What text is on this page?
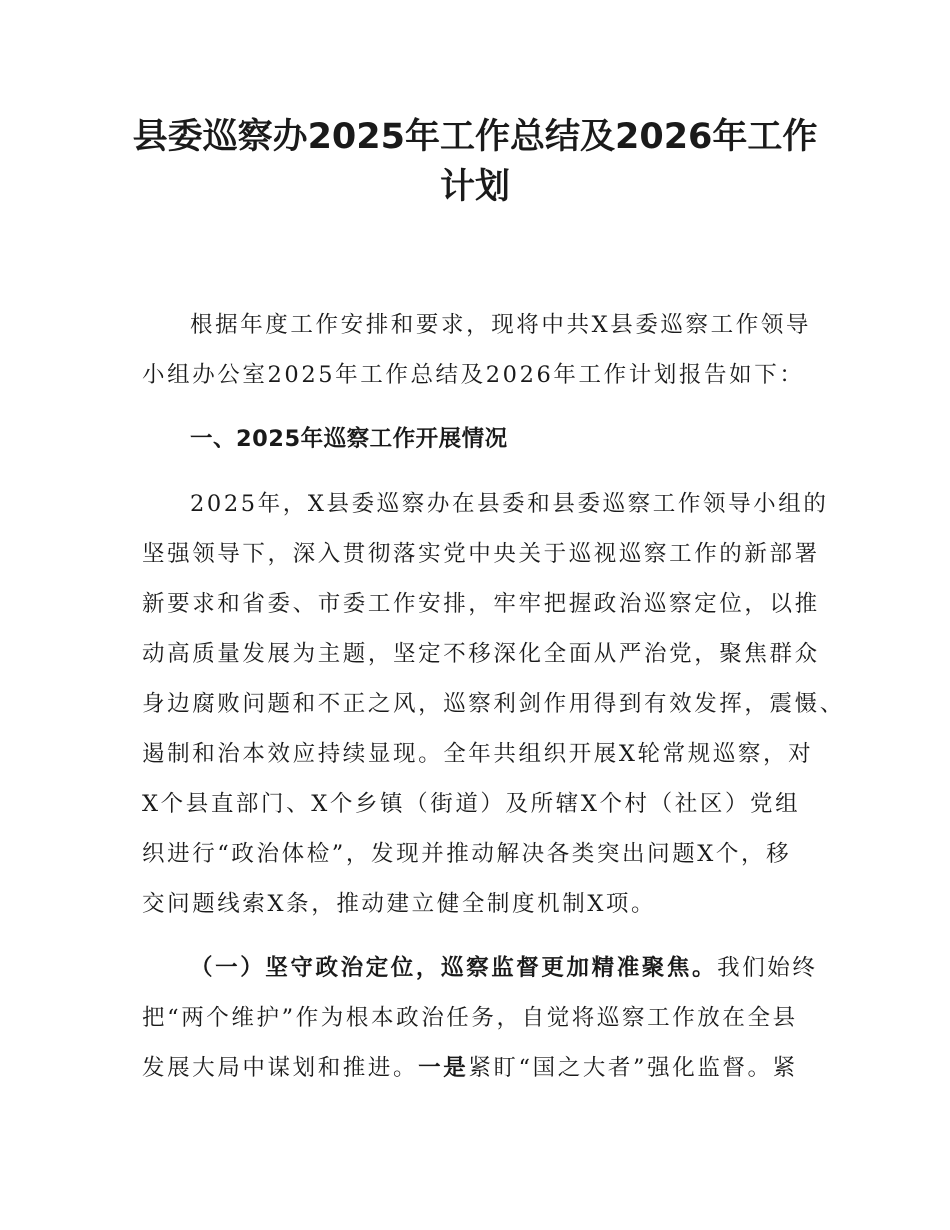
县委巡察办2025年工作总结及2026年工作
计划

根据年度工作安排和要求，现将中共X县委巡察工作领导

小组办公室2025年工作总结及2026年工作计划报告如下：

一、2025年巡察工作开展情况

2025年，X县委巡察办在县委和县委巡察工作领导小组的

坚强领导下，深入贯彻落实党中央关于巡视巡察工作的新部署

新要求和省委、市委工作安排，牢牢把握政治巡察定位，以推

动高质量发展为主题，坚定不移深化全面从严治党，聚焦群众

身边腐败问题和不正之风，巡察利剑作用得到有效发挥，震慑、

遏制和治本效应持续显现。全年共组织开展X轮常规巡察，对

X个县直部门、X个乡镇（街道）及所辖X个村（社区）党组

织进行“政治体检”，发现并推动解决各类突出问题X个，移

交问题线索X条，推动建立健全制度机制X项。

（一）坚守政治定位，巡察监督更加精准聚焦。我们始终

把“两个维护”作为根本政治任务，自觉将巡察工作放在全县

发展大局中谋划和推进。一是紧盯“国之大者”强化监督。紧
